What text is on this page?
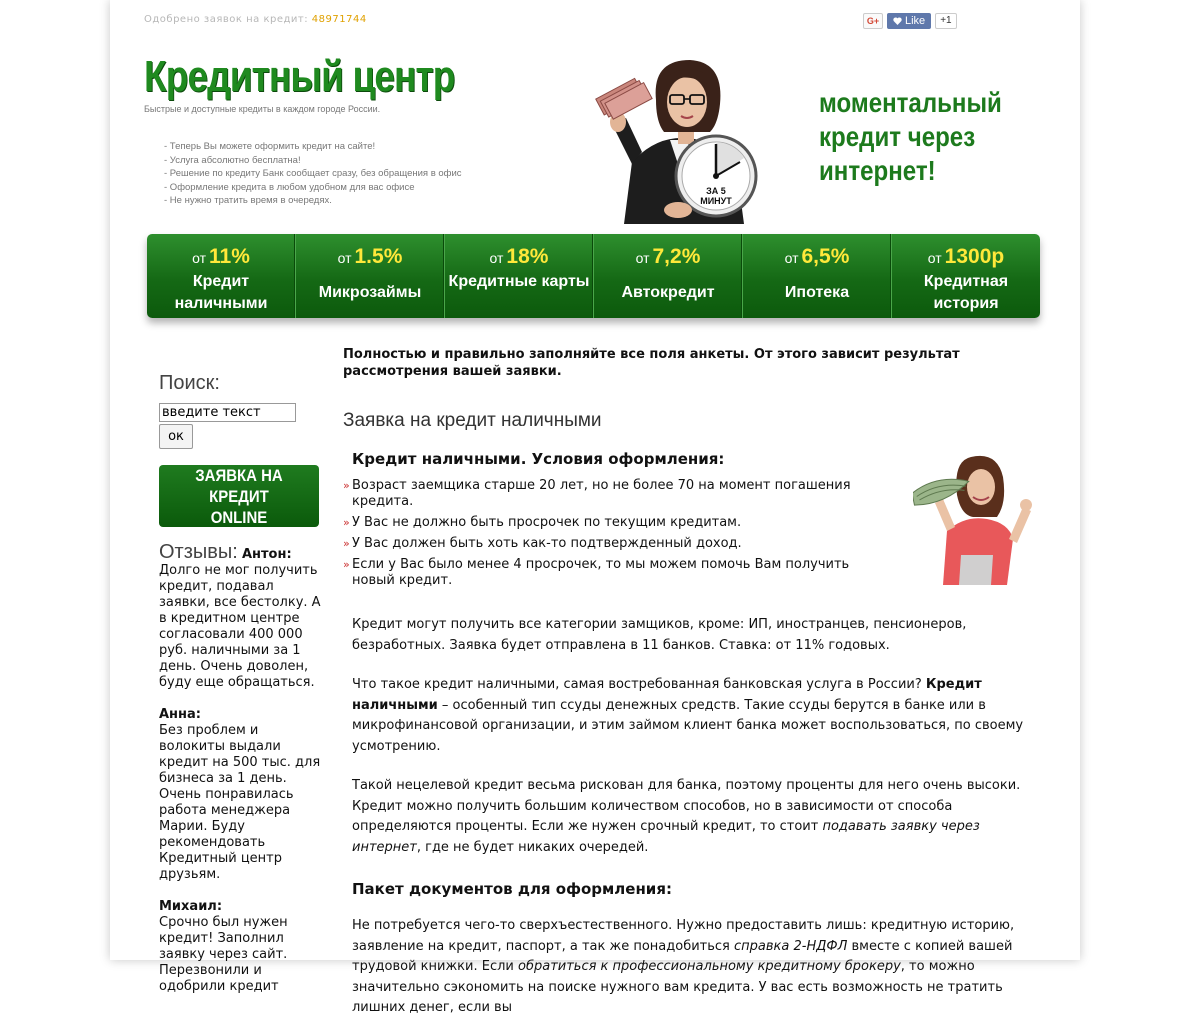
Одобрено заявок на кредит: 48971744	G+	Like	+1
Кредитный центр
Быстрые и доступные кредиты в каждом городе России.
- Теперь Вы можете оформить кредит на сайте!
- Услуга абсолютно бесплатна!
- Решение по кредиту Банк сообщает сразу, без обращения в офис
- Оформление кредита в любом удобном для вас офисе
- Не нужно тратить время в очередях.
ЗА 5
МИНУТ
моментальный
кредит через
интернет!
от 11%
Кредит наличными
от 1.5%
Микрозаймы
от 18%
Кредитные карты
от 7,2%
Автокредит
от 6,5%
Ипотека
от 1300р
Кредитная история
Поиск:
введите текст ок
ЗАЯВКА НА КРЕДИТ
ONLINE
Отзывы: Антон:
Долго не мог получить кредит, подавал заявки, все бестолку. А в кредитном центре согласовали 400 000 руб. наличными за 1 день. Очень доволен, буду еще обращаться.
Анна:
Без проблем и волокиты выдали кредит на 500 тыс. для бизнеса за 1 день. Очень понравилась работа менеджера Марии. Буду рекомендовать Кредитный центр друзьям.
Михаил:
Срочно был нужен кредит! Заполнил заявку через сайт. Перезвонили и одобрили кредит

Полностью и правильно заполняйте все поля анкеты. От этого зависит результат рассмотрения вашей заявки.

Заявка на кредит наличными
Кредит наличными. Условия оформления:
» Возраст заемщика старше 20 лет, но не более 70 на момент погашения кредита.
» У Вас не должно быть просрочек по текущим кредитам.
» У Вас должен быть хоть как-то подтвержденный доход.
» Если у Вас было менее 4 просрочек, то мы можем помочь Вам получить новый кредит.

Кредит могут получить все категории замщиков, кроме: ИП, иностранцев, пенсионеров, безработных. Заявка будет отправлена в 11 банков. Ставка: от 11% годовых.

Что такое кредит наличными, самая востребованная банковская услуга в России? Кредит наличными – особенный тип ссуды денежных средств. Такие ссуды берутся в банке или в микрофинансовой организации, и этим займом клиент банка может воспользоваться, по своему усмотрению.

Такой нецелевой кредит весьма рискован для банка, поэтому проценты для него очень высоки. Кредит можно получить большим количеством способов, но в зависимости от способа определяются проценты. Если же нужен срочный кредит, то стоит подавать заявку через интернет, где не будет никаких очередей.

Пакет документов для оформления:

Не потребуется чего-то сверхъестественного. Нужно предоставить лишь: кредитную историю, заявление на кредит, паспорт, а так же понадобиться справка 2-НДФЛ вместе с копией вашей трудовой книжки. Если обратиться к профессиональному кредитному брокеру, то можно значительно сэкономить на поиске нужного вам кредита. У вас есть возможность не тратить лишних денег, если вы
